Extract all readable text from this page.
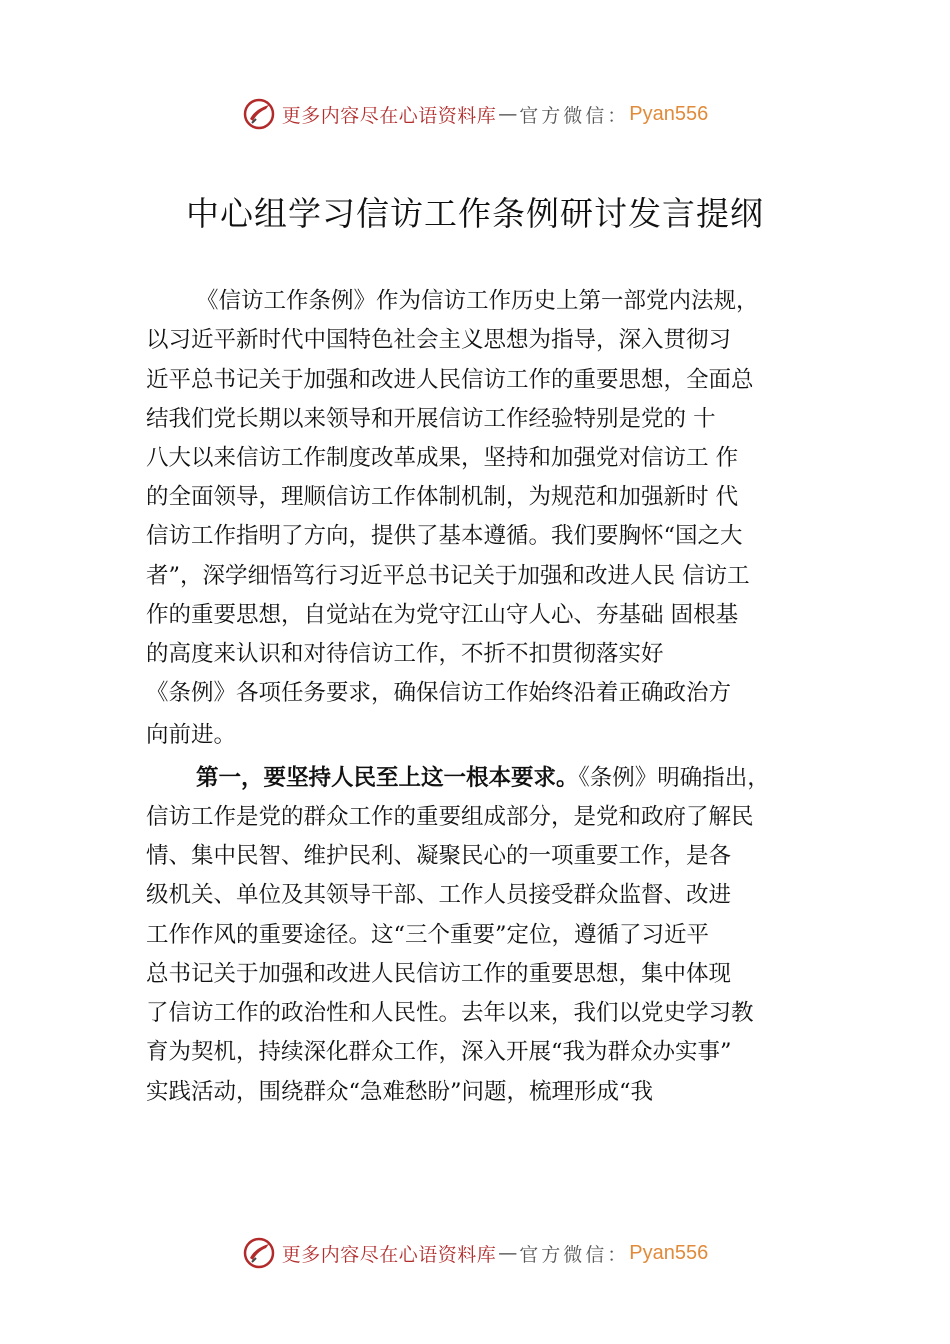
更多内容尽在心语资料库 — 官方微信： Pyan556
中心组学习信访工作条例研讨发言提纲
《信访工作条例》作为信访工作历史上第一部党内法规，
以习近平新时代中国特色社会主义思想为指导，深入贯彻习
近平总书记关于加强和改进人民信访工作的重要思想，全面总
结我们党长期以来领导和开展信访工作经验特别是党的 十
八大以来信访工作制度改革成果，坚持和加强党对信访工 作
的全面领导，理顺信访工作体制机制，为规范和加强新时 代
信访工作指明了方向，提供了基本遵循。我们要胸怀“国之大
者”，深学细悟笃行习近平总书记关于加强和改进人民 信访工
作的重要思想，自觉站在为党守江山守人心、夯基础 固根基
的高度来认识和对待信访工作，不折不扣贯彻落实好
《条例》各项任务要求，确保信访工作始终沿着正确政治方
向前进。
第一，要坚持人民至上这一根本要求。《条例》明确指出，
信访工作是党的群众工作的重要组成部分，是党和政府了解民
情、集中民智、维护民利、凝聚民心的一项重要工作，是各
级机关、单位及其领导干部、工作人员接受群众监督、改进
工作作风的重要途径。这“三个重要”定位，遵循了习近平
总书记关于加强和改进人民信访工作的重要思想，集中体现
了信访工作的政治性和人民性。去年以来，我们以党史学习教
育为契机，持续深化群众工作，深入开展“我为群众办实事”
实践活动，围绕群众“急难愁盼”问题，梳理形成“我
更多内容尽在心语资料库 — 官方微信： Pyan556
